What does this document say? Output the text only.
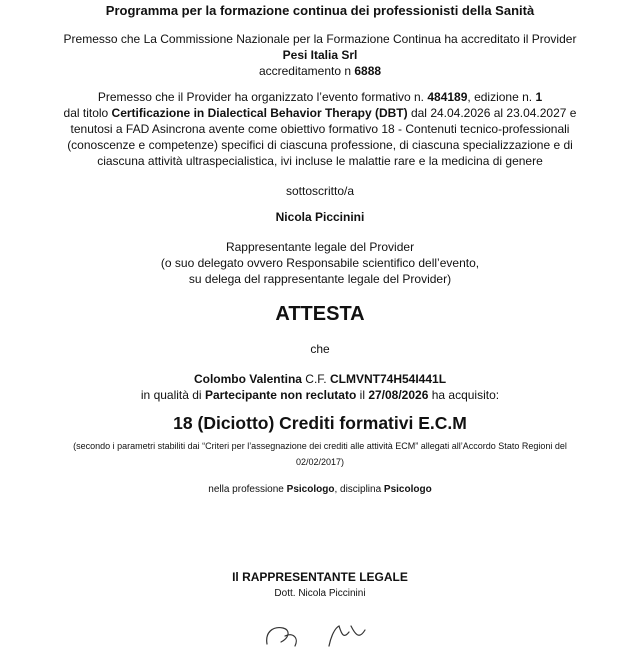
Programma per la formazione continua dei professionisti della Sanità
Premesso che La Commissione Nazionale per la Formazione Continua ha accreditato il Provider
Pesi Italia Srl
accreditamento n 6888
Premesso che il Provider ha organizzato l’evento formativo n. 484189, edizione n. 1
dal titolo Certificazione in Dialectical Behavior Therapy (DBT) dal 24.04.2026 al 23.04.2027 e
tenutosi a FAD Asincrona avente come obiettivo formativo 18 - Contenuti tecnico-professionali
(conoscenze e competenze) specifici di ciascuna professione, di ciascuna specializzazione e di
ciascuna attività ultraspecialistica, ivi incluse le malattie rare e la medicina di genere
sottoscritto/a
Nicola Piccinini
Rappresentante legale del Provider
(o suo delegato ovvero Responsabile scientifico dell’evento,
su delega del rappresentante legale del Provider)
ATTESTA
che
Colombo Valentina C.F. CLMVNT74H54I441L
in qualità di Partecipante non reclutato il 27/08/2026 ha acquisito:
18 (Diciotto) Crediti formativi E.C.M
(secondo i parametri stabiliti dai “Criteri per l’assegnazione dei crediti alle attività ECM” allegati all’Accordo Stato Regioni del
02/02/2017)
nella professione Psicologo, disciplina Psicologo
Il RAPPRESENTANTE LEGALE
Dott. Nicola Piccinini
